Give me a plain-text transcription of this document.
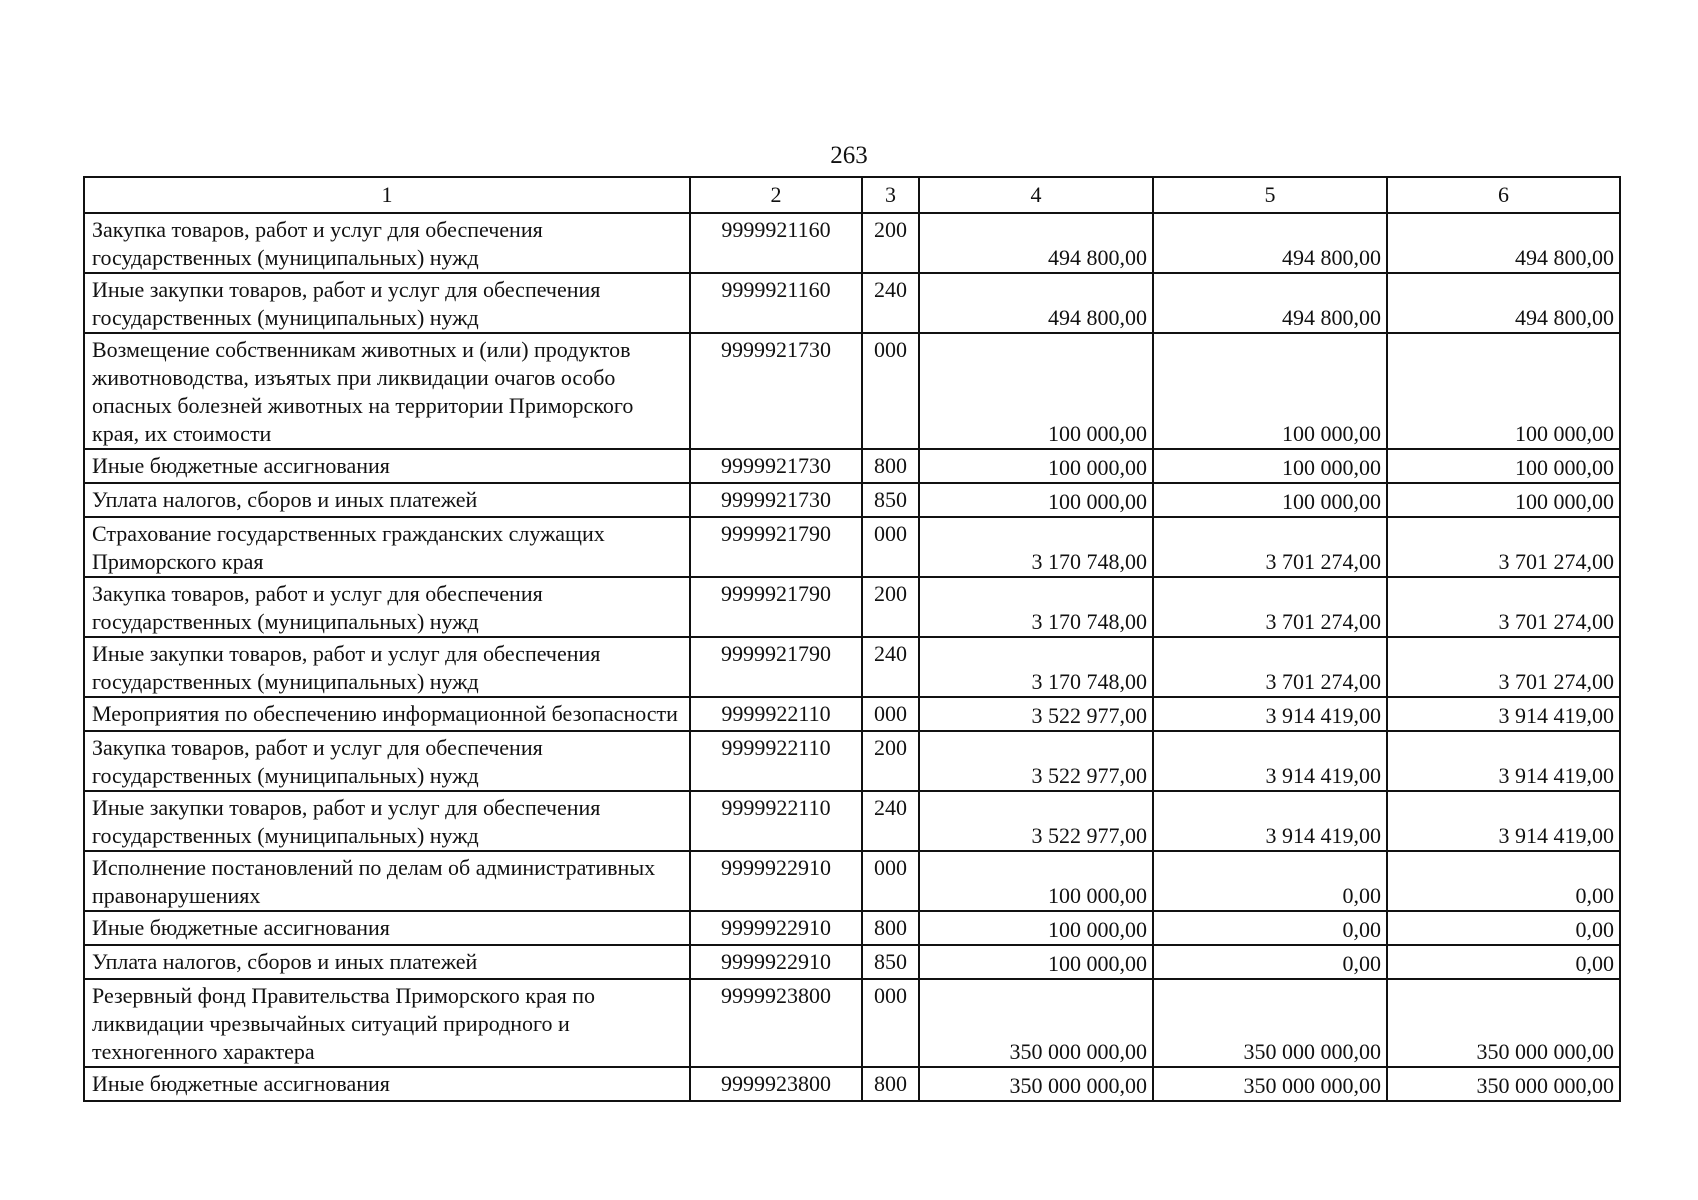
263
1	2	3	4	5	6
Закупка товаров, работ и услуг для обеспечения государственных (муниципальных) нужд	9999921160	200	494 800,00	494 800,00	494 800,00
Иные закупки товаров, работ и услуг для обеспечения государственных (муниципальных) нужд	9999921160	240	494 800,00	494 800,00	494 800,00
Возмещение собственникам животных и (или) продуктов животноводства, изъятых при ликвидации очагов особо опасных болезней животных на территории Приморского края, их стоимости	9999921730	000	100 000,00	100 000,00	100 000,00
Иные бюджетные ассигнования	9999921730	800	100 000,00	100 000,00	100 000,00
Уплата налогов, сборов и иных платежей	9999921730	850	100 000,00	100 000,00	100 000,00
Страхование государственных гражданских служащих Приморского края	9999921790	000	3 170 748,00	3 701 274,00	3 701 274,00
Закупка товаров, работ и услуг для обеспечения государственных (муниципальных) нужд	9999921790	200	3 170 748,00	3 701 274,00	3 701 274,00
Иные закупки товаров, работ и услуг для обеспечения государственных (муниципальных) нужд	9999921790	240	3 170 748,00	3 701 274,00	3 701 274,00
Мероприятия по обеспечению информационной безопасности	9999922110	000	3 522 977,00	3 914 419,00	3 914 419,00
Закупка товаров, работ и услуг для обеспечения государственных (муниципальных) нужд	9999922110	200	3 522 977,00	3 914 419,00	3 914 419,00
Иные закупки товаров, работ и услуг для обеспечения государственных (муниципальных) нужд	9999922110	240	3 522 977,00	3 914 419,00	3 914 419,00
Исполнение постановлений по делам об административных правонарушениях	9999922910	000	100 000,00	0,00	0,00
Иные бюджетные ассигнования	9999922910	800	100 000,00	0,00	0,00
Уплата налогов, сборов и иных платежей	9999922910	850	100 000,00	0,00	0,00
Резервный фонд Правительства Приморского края по ликвидации чрезвычайных ситуаций природного и техногенного характера	9999923800	000	350 000 000,00	350 000 000,00	350 000 000,00
Иные бюджетные ассигнования	9999923800	800	350 000 000,00	350 000 000,00	350 000 000,00
